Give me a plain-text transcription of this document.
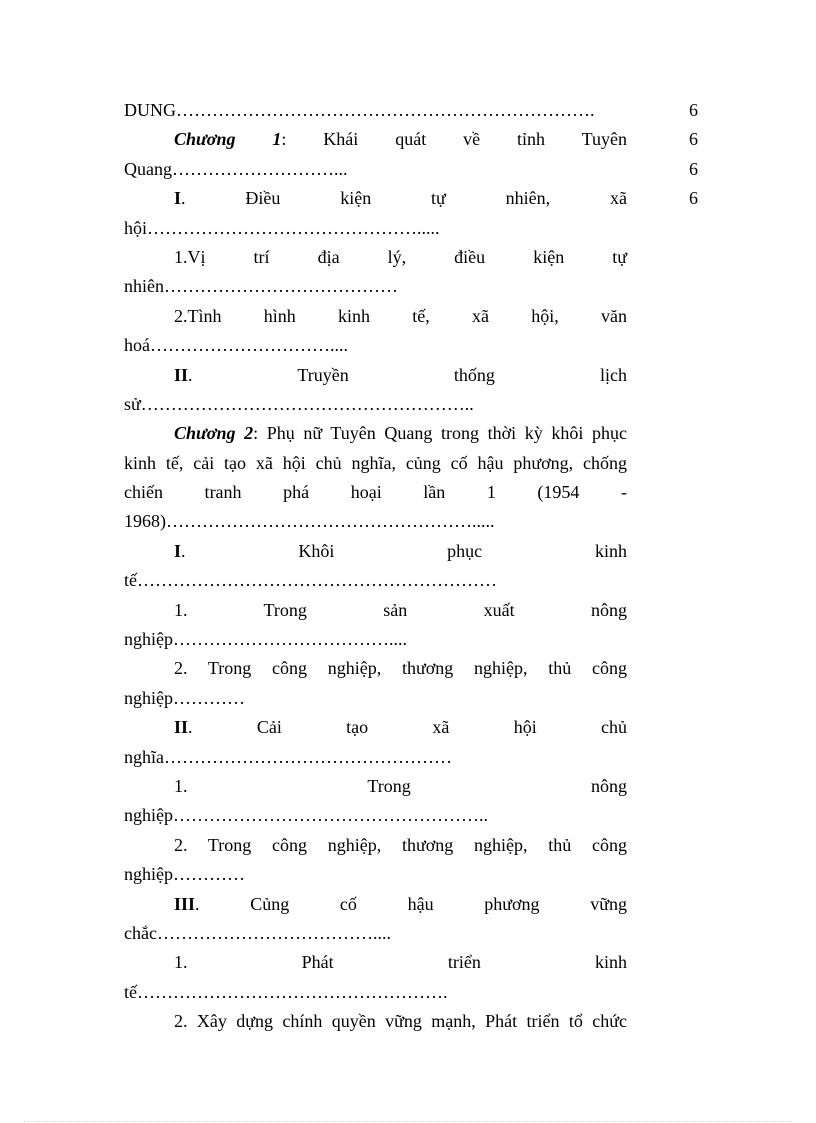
DUNG…………………………………………………………….
Chương 1: Khái quát về tỉnh Tuyên
Quang………………………...
I. Điều kiện tự nhiên, xã
hội……………………………………….....
1.Vị trí địa lý, điều kiện tự
nhiên…………………………………
2.Tình hình kinh tế, xã hội, văn
hoá…………………………....
II. Truyền thống lịch
sử………………………………………………..
Chương 2: Phụ nữ Tuyên Quang trong thời kỳ khôi phục
kinh tế, cải tạo xã hội chủ nghĩa, củng cố hậu phương, chống
chiến tranh phá hoại lần 1 (1954 -
1968)…………………………………………….....
I. Khôi phục kinh
tế……………………………………………………
1. Trong sản xuất nông
nghiệp………………………………....
2. Trong công nghiệp, thương nghiệp, thủ công
nghiệp…………
II. Cải tạo xã hội chủ
nghĩa…………………………………………
1. Trong nông
nghiệp……………………………………………..
2. Trong công nghiệp, thương nghiệp, thủ công
nghiệp…………
III. Củng cố hậu phương vững
chắc………………………………....
1. Phát triển kinh
tế…………………………………………….
2. Xây dựng chính quyền vững mạnh, Phát triển tổ chức
6
6
6
6
